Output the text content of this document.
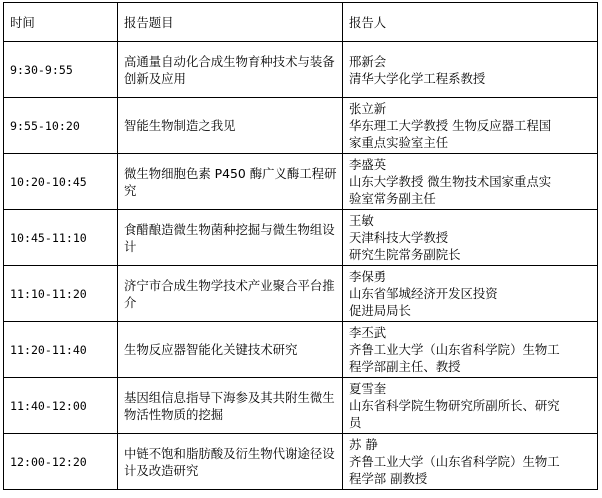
时间	报告题目	报告人
9:30-9:55	高通量自动化合成生物育种技术与装备创新及应用	邢新会
清华大学化学工程系教授

9:55-10:20	智能生物制造之我见	张立新
华东理工大学教授 生物反应器工程国
家重点实验室主任

10:20-10:45	微生物细胞色素 P450 酶广义酶工程研究	李盛英
山东大学教授 微生物技术国家重点实
验室常务副主任

10:45-11:10	食醋酿造微生物菌种挖掘与微生物组设计	王敏
天津科技大学教授
研究生院常务副院长

11:10-11:20	济宁市合成生物学技术产业聚合平台推介	李保勇
山东省邹城经济开发区投资
促进局局长

11:20-11:40	生物反应器智能化关键技术研究	李丕武
齐鲁工业大学（山东省科学院）生物工
程学部副主任、教授

11:40-12:00	基因组信息指导下海参及其共附生微生物活性物质的挖掘	夏雪奎
山东省科学院生物研究所副所长、研究
员

12:00-12:20	中链不饱和脂肪酸及衍生物代谢途径设计及改造研究	苏 静
齐鲁工业大学（山东省科学院）生物工
程学部 副教授
